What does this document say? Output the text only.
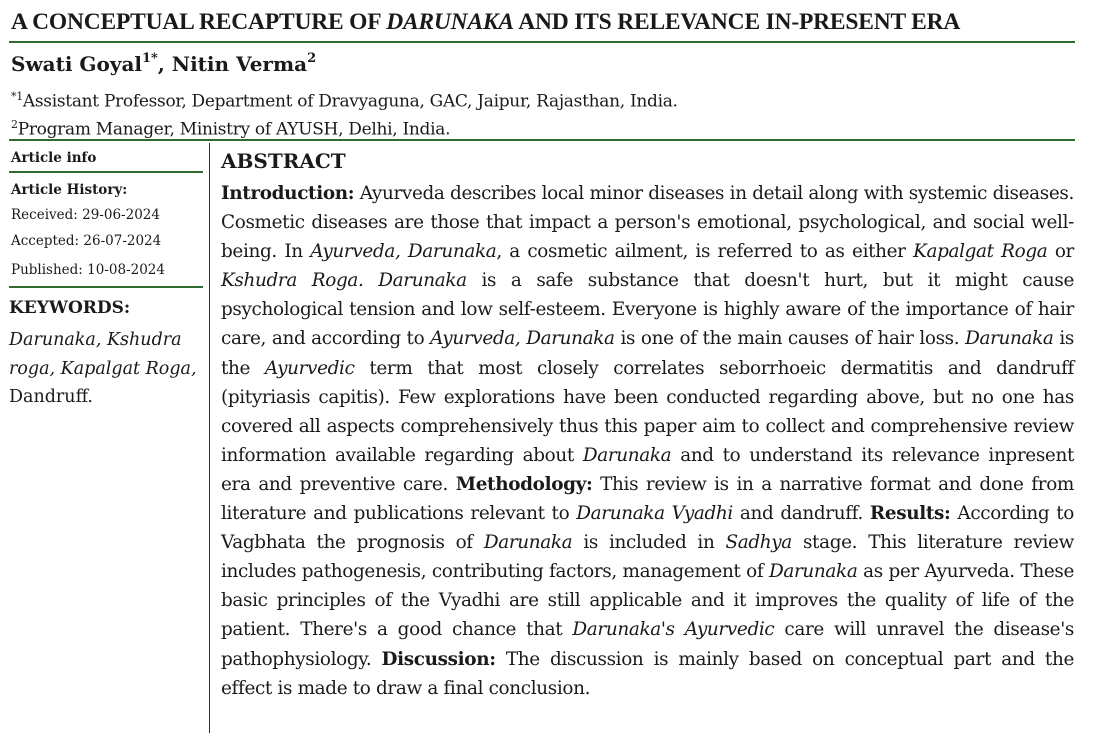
A CONCEPTUAL RECAPTURE OF DARUNAKA AND ITS RELEVANCE IN-PRESENT ERA
Swati Goyal$^{1*}$, Nitin Verma$^2$
$^{*1}$Assistant Professor, Department of Dravyaguna, GAC, Jaipur, Rajasthan, India.
$^2$Program Manager, Ministry of AYUSH, Delhi, India.
Article info
Article History:
Received: 29-06-2024
Accepted: 26-07-2024
Published: 10-08-2024
KEYWORDS:
Darunaka, Kshudra roga, Kapalgat Roga, Dandruff.
ABSTRACT
Introduction: Ayurveda describes local minor diseases in detail along with systemic diseases. Cosmetic diseases are those that impact a person's emotional, psychological, and social well-being. In Ayurveda, Darunaka, a cosmetic ailment, is referred to as either Kapalgat Roga or Kshudra Roga. Darunaka is a safe substance that doesn't hurt, but it might cause psychological tension and low self-esteem. Everyone is highly aware of the importance of hair care, and according to Ayurveda, Darunaka is one of the main causes of hair loss. Darunaka is the Ayurvedic term that most closely correlates seborrhoeic dermatitis and dandruff (pityriasis capitis). Few explorations have been conducted regarding above, but no one has covered all aspects comprehensively thus this paper aim to collect and comprehensive review information available regarding about Darunaka and to understand its relevance inpresent era and preventive care. Methodology: This review is in a narrative format and done from literature and publications relevant to Darunaka Vyadhi and dandruff. Results: According to Vagbhata the prognosis of Darunaka is included in Sadhya stage. This literature review includes pathogenesis, contributing factors, management of Darunaka as per Ayurveda. These basic principles of the Vyadhi are still applicable and it improves the quality of life of the patient. There's a good chance that Darunaka's Ayurvedic care will unravel the disease's pathophysiology. Discussion: The discussion is mainly based on conceptual part and the effect is made to draw a final conclusion.
